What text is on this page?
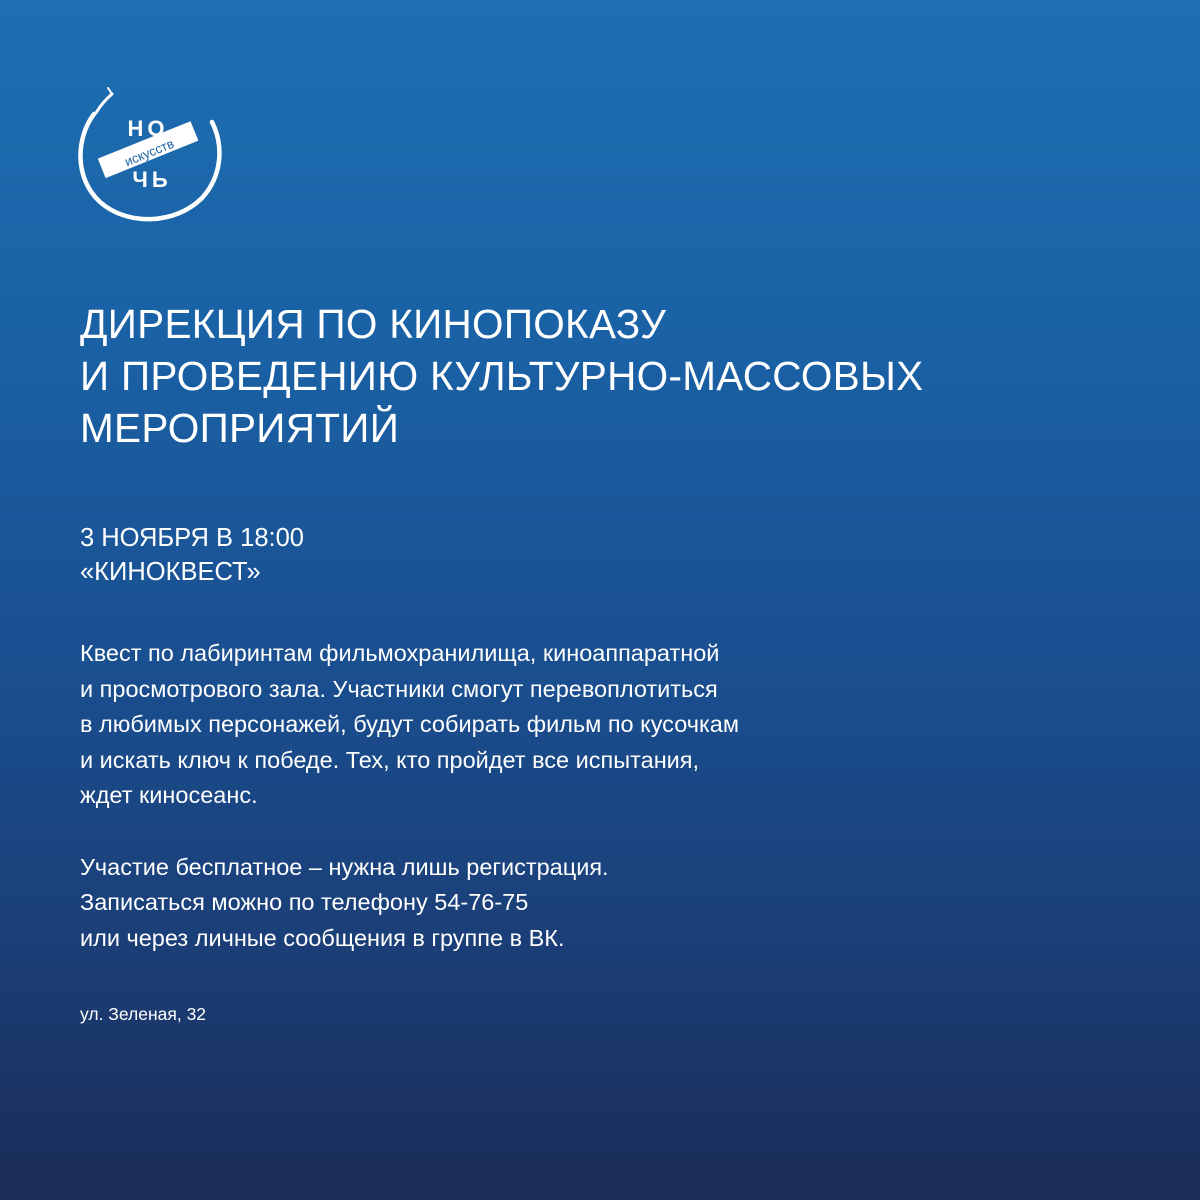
НО
искусств
ЧЬ
ДИРЕКЦИЯ ПО КИНОПОКАЗУ
И ПРОВЕДЕНИЮ КУЛЬТУРНО-МАССОВЫХ
МЕРОПРИЯТИЙ
3 НОЯБРЯ В 18:00
«КИНОКВЕСТ»
Квест по лабиринтам фильмохранилища, киноаппаратной
и просмотрового зала. Участники смогут перевоплотиться
в любимых персонажей, будут собирать фильм по кусочкам
и искать ключ к победе. Тех, кто пройдет все испытания,
ждет киносеанс.
Участие бесплатное – нужна лишь регистрация.
Записаться можно по телефону 54-76-75
или через личные сообщения в группе в ВК.
ул. Зеленая, 32
